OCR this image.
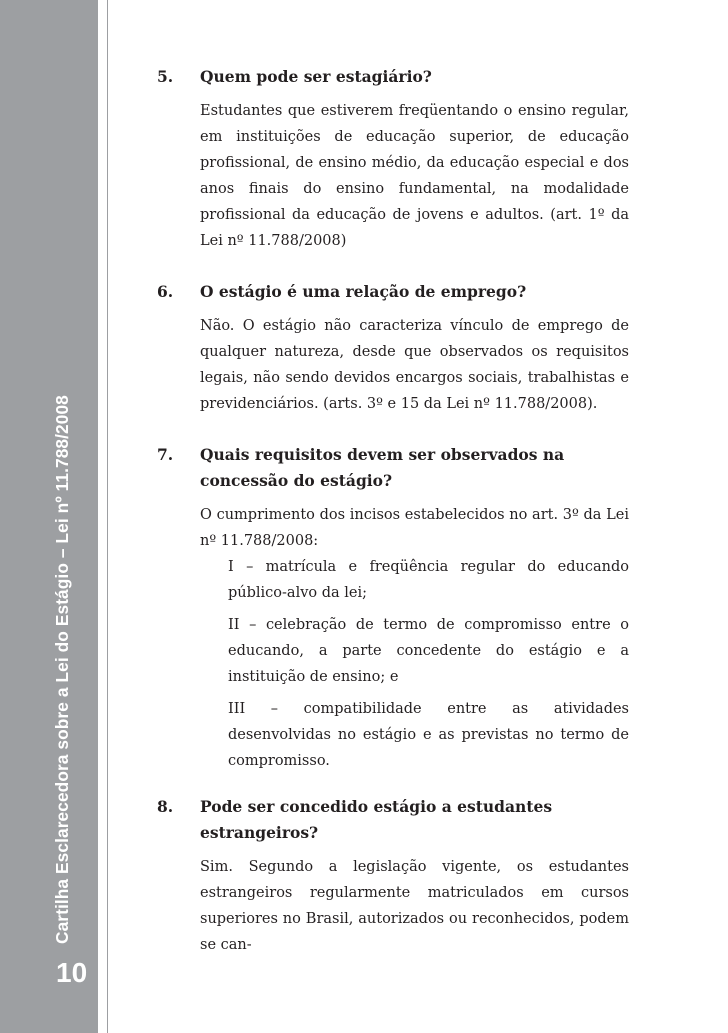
Cartilha Esclarecedora sobre a Lei do Estágio – Lei nº 11.788/2008
10
5. Quem pode ser estagiário?

Estudantes que estiverem freqüentando o ensino regular, em instituições de educação superior, de educação profissional, de ensino médio, da educação especial e dos anos finais do ensino fundamental, na modalidade profissional da educação de jovens e adultos. (art. 1º da Lei nº 11.788/2008)

6. O estágio é uma relação de emprego?

Não. O estágio não caracteriza vínculo de emprego de qualquer natureza, desde que observados os requisitos legais, não sendo devidos encargos sociais, trabalhistas e previdenciários. (arts. 3º e 15 da Lei nº 11.788/2008).

7. Quais requisitos devem ser observados na concessão do estágio?

O cumprimento dos incisos estabelecidos no art. 3º da Lei nº 11.788/2008:

I – matrícula e freqüência regular do educando público-alvo da lei;

II – celebração de termo de compromisso entre o educando, a parte concedente do estágio e a instituição de ensino; e

III – compatibilidade entre as atividades desenvolvidas no estágio e as previstas no termo de compromisso.

8. Pode ser concedido estágio a estudantes estrangeiros?

Sim. Segundo a legislação vigente, os estudantes estrangeiros regularmente matriculados em cursos superiores no Brasil, autorizados ou reconhecidos, podem se can-
